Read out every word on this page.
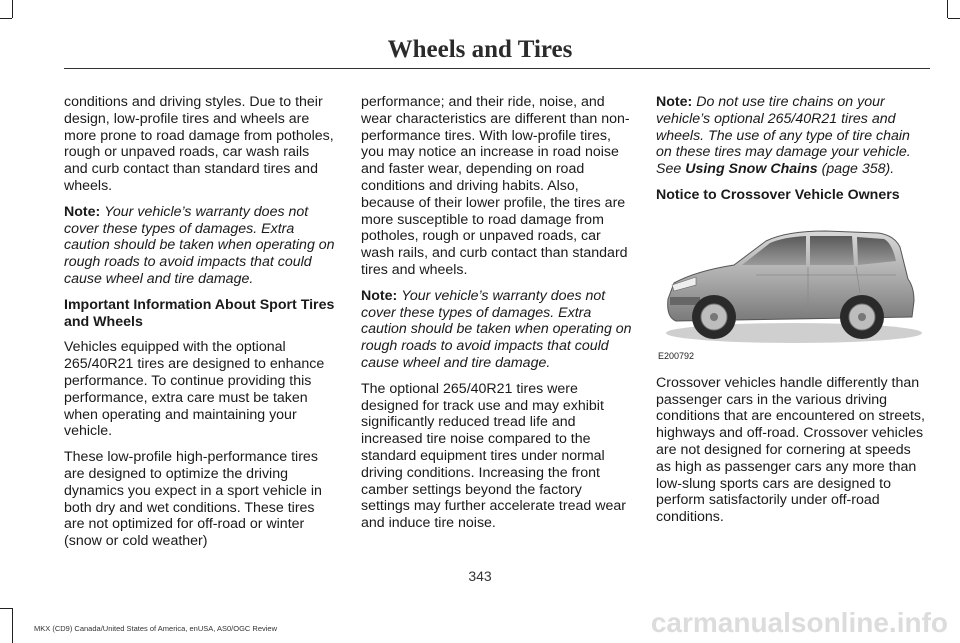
Wheels and Tires

conditions and driving styles. Due to their design, low-profile tires and wheels are more prone to road damage from potholes, rough or unpaved roads, car wash rails and curb contact than standard tires and wheels.

Note: Your vehicle’s warranty does not cover these types of damages. Extra caution should be taken when operating on rough roads to avoid impacts that could cause wheel and tire damage.

Important Information About Sport Tires and Wheels

Vehicles equipped with the optional 265/40R21 tires are designed to enhance performance. To continue providing this performance, extra care must be taken when operating and maintaining your vehicle.

These low-profile high-performance tires are designed to optimize the driving dynamics you expect in a sport vehicle in both dry and wet conditions. These tires are not optimized for off-road or winter (snow or cold weather)

performance; and their ride, noise, and wear characteristics are different than non-performance tires. With low-profile tires, you may notice an increase in road noise and faster wear, depending on road conditions and driving habits. Also, because of their lower profile, the tires are more susceptible to road damage from potholes, rough or unpaved roads, car wash rails, and curb contact than standard tires and wheels.

Note: Your vehicle’s warranty does not cover these types of damages. Extra caution should be taken when operating on rough roads to avoid impacts that could cause wheel and tire damage.

The optional 265/40R21 tires were designed for track use and may exhibit significantly reduced tread life and increased tire noise compared to the standard equipment tires under normal driving conditions. Increasing the front camber settings beyond the factory settings may further accelerate tread wear and induce tire noise.

Note: Do not use tire chains on your vehicle’s optional 265/40R21 tires and wheels. The use of any type of tire chain on these tires may damage your vehicle. See Using Snow Chains (page 358).

Notice to Crossover Vehicle Owners
E200792

Crossover vehicles handle differently than passenger cars in the various driving conditions that are encountered on streets, highways and off-road. Crossover vehicles are not designed for cornering at speeds as high as passenger cars any more than low-slung sports cars are designed to perform satisfactorily under off-road conditions.

343
MKX (CD9) Canada/United States of America, enUSA, AS0/OGC Review	carmanualsonline.info
